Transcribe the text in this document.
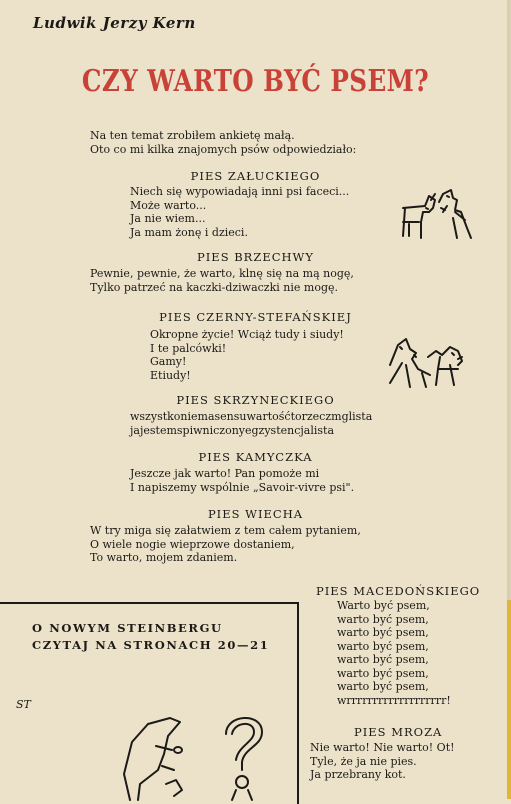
Ludwik Jerzy Kern
CZY WARTO BYĆ PSEM?
Na ten temat zrobiłem ankietę małą.
Oto co mi kilka znajomych psów odpowiedziało:
PIES ZAŁUCKIEGO
Niech się wypowiadają inni psi faceci...
Może warto...
Ja nie wiem...
Ja mam żonę i dzieci.
PIES BRZECHWY
Pewnie, pewnie, że warto, klnę się na mą nogę,
Tylko patrzeć na kaczki-dziwaczki nie mogę.
PIES CZERNY-STEFAŃSKIEJ
Okropne życie! Wciąż tudy i siudy!
I te palcówki!
Gamy!
Etiudy!
PIES SKRZYNECKIEGO
wszystkoniemasensuwartośćtorzeczmglista
jajestemspiwniczonyegzystencjalista
PIES KAMYCZKA
Jeszcze jak warto! Pan pomoże mi
I napiszemy wspólnie „Savoir-vivre psi".
PIES WIECHA
W try miga się załatwiem z tem całem pytaniem,
O wiele nogie wieprzowe dostaniem,
To warto, mojem zdaniem.
PIES MACEDOŃSKIEGO
Warto być psem,
warto być psem,
warto być psem,
warto być psem,
warto być psem,
warto być psem,
warto być psem,
wrrrrrrrrrrrrrrrrrrr!
PIES MROZA
Nie warto! Nie warto! Ot!
Tyle, że ja nie pies.
Ja przebrany kot.
O NOWYM STEINBERGU
CZYTAJ NA STRONACH 20—21
ST
